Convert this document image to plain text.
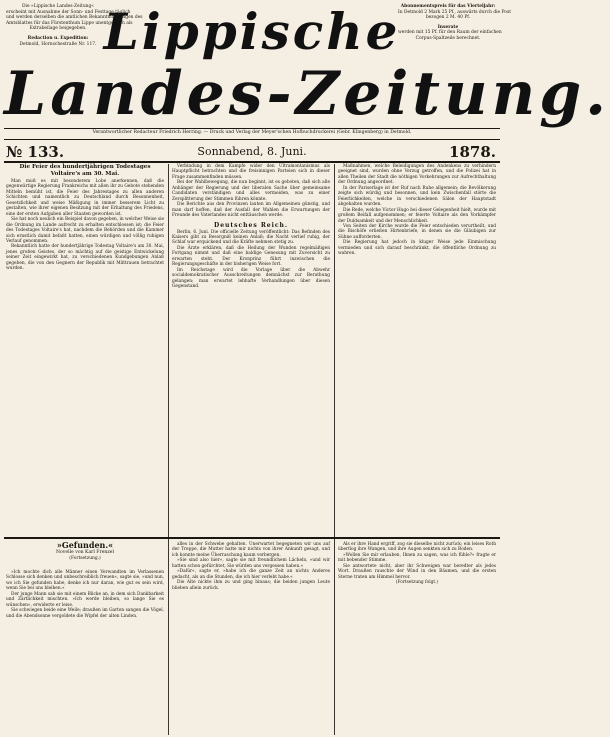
Die »Lippische Landes-Zeitung«
erscheint mit Ausnahme der Sonn- und Festtage täglich
und werden derselben die amtlichen Bekanntmachungen des
Amtsblattes für das Fürstenthum Lippe unentgeltlich als
Extrabeilage beigegeben.
Redaction u. Expedition:
Detmold, Hornschestraße Nr. 117.
Abonnementspreis für das Vierteljahr:
In Detmold 2 Mark 25 Pf., auswärts durch die Post
bezogen 2 M. 40 Pf.
Inserate
werden mit 15 Pf. für den Raum der einfachen
Corpus-Spaltzeile berechnet.
Lippische
Landes-Zeitung.
Verantwortlicher Redacteur Friedrich Herring. — Druck und Verlag der Meyer'schen Hofbuchdruckerei (Gebr. Klingenberg) in Detmold.
№ 133.	Sonnabend, 8. Juni.	1878.

Die Feier des hundertjährigen Todestages Voltaire's am 30. Mai.

Man muß es mit besonderem Lobe anerkennen, daß die gegenwärtige Regierung Frankreichs mit allen ihr zu Gebote stehenden Mitteln bemüht ist, die Feier des Jahrestages zu allen anderen Schichten und namentlich zu Deutschland durch Besonnenheit, Gesetzlichkeit und weise Mäßigung in immer besserem Licht zu gestalten, wie ihrer eigenen Besitzung mit der Erhaltung des Friedens, eine der ersten Aufgaben aller Staaten geworden ist.

Sie hat noch neulich ein Beispiel davon gegeben, in welcher Weise sie die Ordnung im Lande aufrecht zu erhalten entschlossen ist; die Feier des Todestages Voltaire's hat, nachdem die Behörden und die Kammer sich ernstlich damit befaßt hatten, einen würdigen und völlig ruhigen Verlauf genommen.

Bekanntlich hatte der hundertjährige Todestag Voltaire's am 30. Mai, jenes großen Geistes, der so mächtig auf die geistige Entwickelung seiner Zeit eingewirkt hat, zu verschiedenen Kundgebungen Anlaß gegeben, die von den Gegnern der Republik mit Mißtrauen betrachtet wurden.

Verbindung in dem Kampfe wider den Ultramontanismus als Hauptpflicht betrachten und die freisinnigen Parteien sich in dieser Frage zusammenfinden müssen.

Bei der Wahlbewegung, die nun beginnt, ist es geboten, daß sich alle Anhänger der Regierung und der liberalen Sache über gemeinsame Candidaten verständigen und alles vermeiden, was zu einer Zersplitterung der Stimmen führen könnte.

Die Berichte aus den Provinzen lauten im Allgemeinen günstig, und man darf hoffen, daß der Ausfall der Wahlen die Erwartungen der Freunde des Vaterlandes nicht enttäuschen werde.

Deutsches Reich.

Berlin, 6. Juni. Die officielle Zeitung veröffentlicht: Das Befinden des Kaisers gibt zu Besorgniß keinen Anlaß; die Nacht verlief ruhig, der Schlaf war erquickend und die Kräfte nehmen stetig zu.

Die Ärzte erklären, daß die Heilung der Wunden regelmäßigen Fortgang nimmt und daß eine baldige Genesung mit Zuversicht zu erwarten steht. Der Kronprinz führt inzwischen die Regierungsgeschäfte in der bisherigen Weise fort.

Im Reichstage wird die Vorlage über die Abwehr socialdemokratischer Ausschreitungen demnächst zur Berathung gelangen; man erwartet lebhafte Verhandlungen über diesen Gegenstand.

Maßnahmen, welche Beleidigungen des Andenkens zu verhindern geeignet sind, wurden ohne Verzug getroffen, und die Polizei hat in allen Theilen der Stadt die nöthigen Vorkehrungen zur Aufrechthaltung der Ordnung angeordnet.

In der Pariserlage ist der Ruf nach Ruhe allgemein; die Bevölkerung zeigte sich würdig und besonnen, und kein Zwischenfall störte die Feierlichkeiten, welche in verschiedenen Sälen der Hauptstadt abgehalten wurden.

Die Rede, welche Victor Hugo bei dieser Gelegenheit hielt, wurde mit großem Beifall aufgenommen; er feierte Voltaire als den Vorkämpfer der Duldsamkeit und der Menschlichkeit.

Von Seiten der Kirche wurde die Feier entschieden verurtheilt, und die Bischöfe erließen Hirtenbriefe, in denen sie die Gläubigen zur Sühne aufforderten.

Die Regierung hat jedoch in kluger Weise jede Einmischung vermieden und sich darauf beschränkt, die öffentliche Ordnung zu wahren.

»Gefunden.«
Novelle von Karl Frenzel
(Fortsetzung.)

»Ich mochte dich alle Männer einen Verwandten im Verlassenen Schlosse sich denken und unbeschreiblich freuen«, sagte sie, »und nun, wo ich Sie gefunden habe, denke ich nur daran, wie gut es sein wird, wenn Sie bei uns bleiben.«

Der junge Mann sah sie mit einem Blicke an, in dem sich Dankbarkeit und Zärtlichkeit mischten. »Ich werde bleiben, so lange Sie es wünschen«, erwiderte er leise.

Sie schwiegen beide eine Weile; draußen im Garten sangen die Vögel, und die Abendsonne vergoldete die Wipfel der alten Linden.

alles in der Schwebe gehalten. Unerwartet begegneten wir uns auf der Treppe, die Mutter hatte mir nichts von ihrer Ankunft gesagt, und ich konnte meine Überraschung kaum verbergen.

»Sie sind also hier«, sagte sie mit freundlichem Lächeln, »und wir hatten schon gefürchtet, Sie würden uns vergessen haben.«

»Dafür«, sagte er, »habe ich die ganze Zeit an nichts Anderes gedacht, als an die Stunden, die ich hier verlebt habe.«

Die Alte nickte ihm zu und ging hinaus; die beiden jungen Leute blieben allein zurück.

Als er ihre Hand ergriff, zog sie dieselbe nicht zurück; ein leises Roth überflog ihre Wangen, und ihre Augen senkten sich zu Boden.

»Wollen Sie mir erlauben, Ihnen zu sagen, was ich fühle?« fragte er mit bebender Stimme.

Sie antwortete nicht, aber ihr Schweigen war beredter als jedes Wort. Draußen rauschte der Wind in den Bäumen, und die ersten Sterne traten am Himmel hervor.

(Fortsetzung folgt.)
